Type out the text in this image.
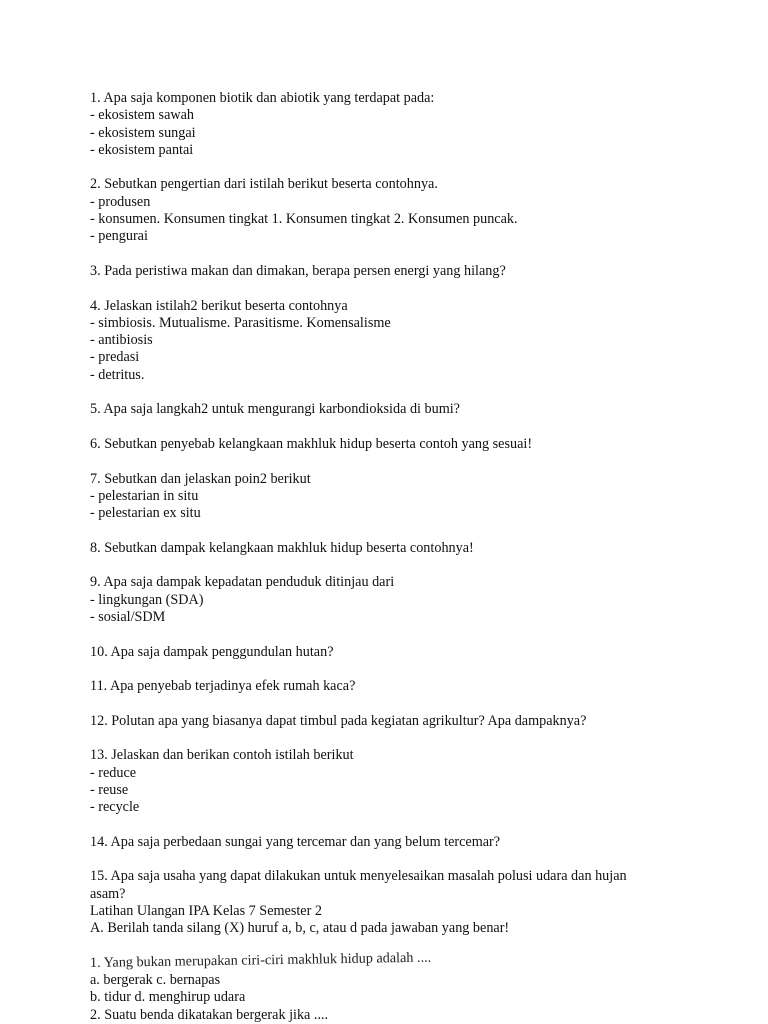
1. Apa saja komponen biotik dan abiotik yang terdapat pada:
- ekosistem sawah
- ekosistem sungai
- ekosistem pantai
2. Sebutkan pengertian dari istilah berikut beserta contohnya.
- produsen
- konsumen. Konsumen tingkat 1. Konsumen tingkat 2. Konsumen puncak.
- pengurai
3. Pada peristiwa makan dan dimakan, berapa persen energi yang hilang?
4. Jelaskan istilah2 berikut beserta contohnya
- simbiosis. Mutualisme. Parasitisme. Komensalisme
- antibiosis
- predasi
- detritus.
5. Apa saja langkah2 untuk mengurangi karbondioksida di bumi?
6. Sebutkan penyebab kelangkaan makhluk hidup beserta contoh yang sesuai!
7. Sebutkan dan jelaskan poin2 berikut
- pelestarian in situ
- pelestarian ex situ
8. Sebutkan dampak kelangkaan makhluk hidup beserta contohnya!
9. Apa saja dampak kepadatan penduduk ditinjau dari
- lingkungan (SDA)
- sosial/SDM
10. Apa saja dampak penggundulan hutan?
11. Apa penyebab terjadinya efek rumah kaca?
12. Polutan apa yang biasanya dapat timbul pada kegiatan agrikultur? Apa dampaknya?
13. Jelaskan dan berikan contoh istilah berikut
- reduce
- reuse
- recycle
14. Apa saja perbedaan sungai yang tercemar dan yang belum tercemar?
15. Apa saja usaha yang dapat dilakukan untuk menyelesaikan masalah polusi udara dan hujan
asam?
Latihan Ulangan IPA Kelas 7 Semester 2
A. Berilah tanda silang (X) huruf a, b, c, atau d pada jawaban yang benar!
1. Yang bukan merupakan ciri-ciri makhluk hidup adalah ....
a. bergerak c. bernapas
b. tidur d. menghirup udara
2. Suatu benda dikatakan bergerak jika ....
